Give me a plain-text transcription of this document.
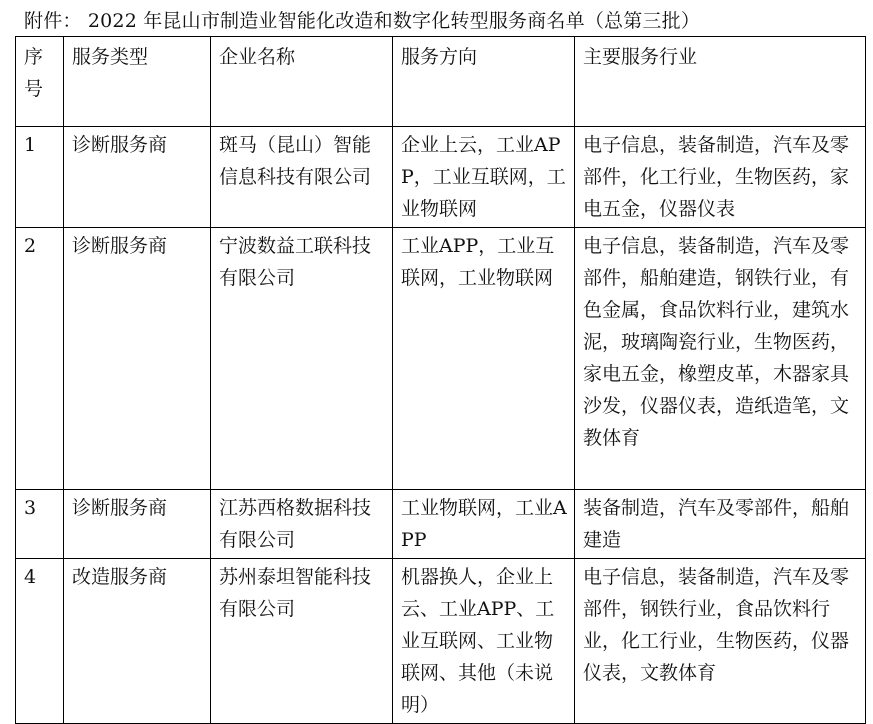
附件： 2022 年昆山市制造业智能化改造和数字化转型服务商名单（总第三批）
序号	服务类型	企业名称	服务方向	主要服务行业
1	诊断服务商	斑马（昆山）智能信息科技有限公司	企业上云，工业APP，工业互联网，工业物联网	电子信息，装备制造，汽车及零部件，化工行业，生物医药，家电五金，仪器仪表
2	诊断服务商	宁波数益工联科技有限公司	工业APP，工业互联网，工业物联网	电子信息，装备制造，汽车及零部件，船舶建造，钢铁行业，有色金属，食品饮料行业，建筑水泥，玻璃陶瓷行业，生物医药，家电五金，橡塑皮革，木器家具沙发，仪器仪表，造纸造笔，文教体育
3	诊断服务商	江苏西格数据科技有限公司	工业物联网，工业APP	装备制造，汽车及零部件，船舶建造
4	改造服务商	苏州泰坦智能科技有限公司	机器换人，企业上云、工业APP、工业互联网、工业物联网、其他（未说明）	电子信息，装备制造，汽车及零部件，钢铁行业，食品饮料行业，化工行业，生物医药，仪器仪表，文教体育
